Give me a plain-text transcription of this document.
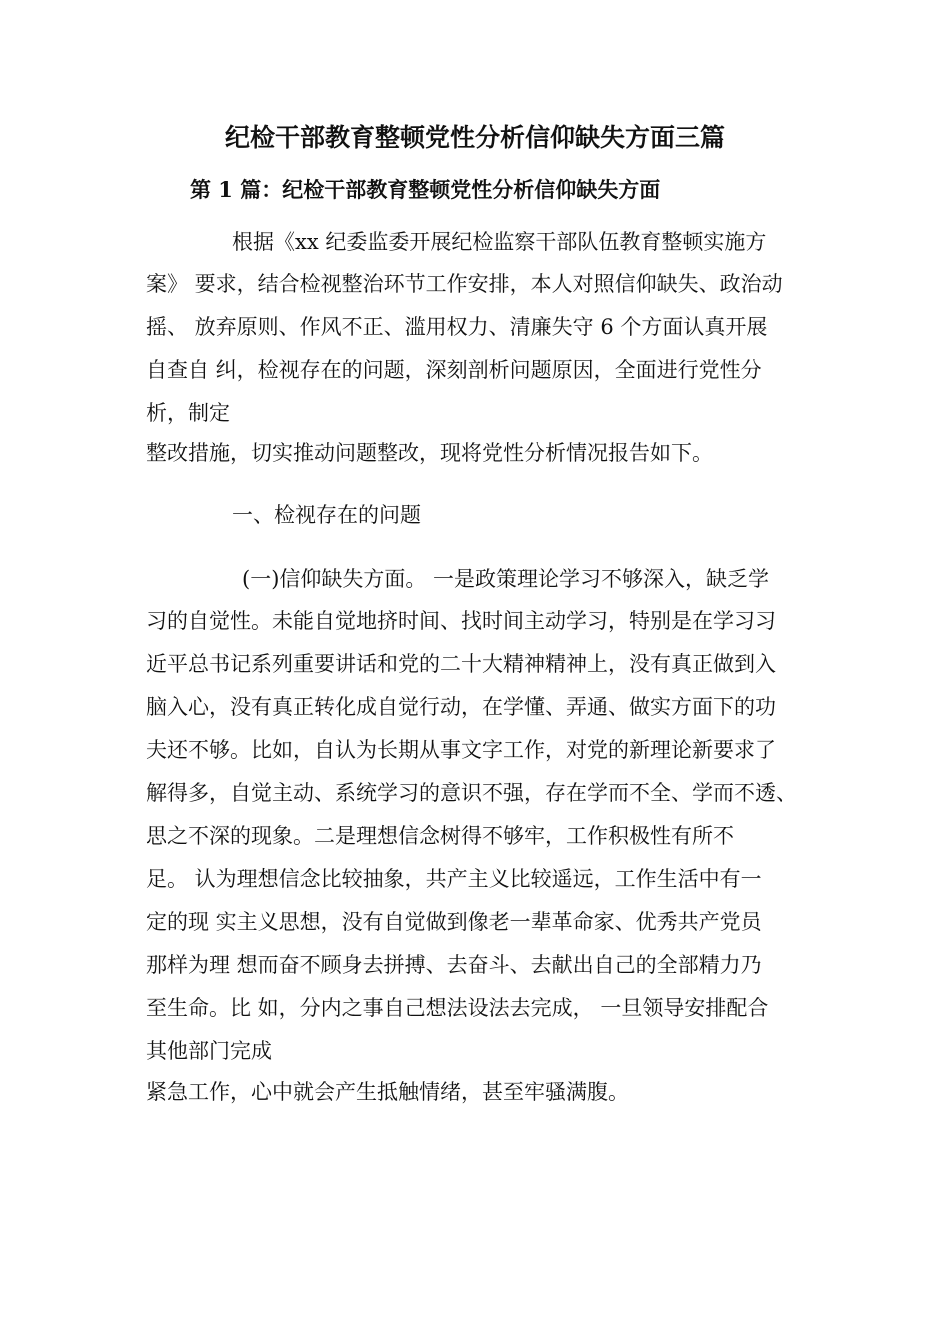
纪检干部教育整顿党性分析信仰缺失方面三篇
第 1 篇：纪检干部教育整顿党性分析信仰缺失方面
根据《xx 纪委监委开展纪检监察干部队伍教育整顿实施方
案》 要求，结合检视整治环节工作安排，本人对照信仰缺失、政治动
摇、 放弃原则、作风不正、滥用权力、清廉失守 6 个方面认真开展
自查自 纠，检视存在的问题，深刻剖析问题原因，全面进行党性分
析，制定
整改措施，切实推动问题整改，现将党性分析情况报告如下。
一、检视存在的问题
(一)信仰缺失方面。 一是政策理论学习不够深入，缺乏学
习的自觉性。未能自觉地挤时间、找时间主动学习，特别是在学习习
近平总书记系列重要讲话和党的二十大精神精神上，没有真正做到入
脑入心，没有真正转化成自觉行动，在学懂、弄通、做实方面下的功
夫还不够。比如，自认为长期从事文字工作，对党的新理论新要求了
解得多，自觉主动、系统学习的意识不强，存在学而不全、学而不透、
思之不深的现象。二是理想信念树得不够牢，工作积极性有所不
足。 认为理想信念比较抽象，共产主义比较遥远，工作生活中有一
定的现 实主义思想，没有自觉做到像老一辈革命家、优秀共产党员
那样为理 想而奋不顾身去拼搏、去奋斗、去献出自己的全部精力乃
至生命。比 如，分内之事自己想法设法去完成， 一旦领导安排配合
其他部门完成
紧急工作，心中就会产生抵触情绪，甚至牢骚满腹。
